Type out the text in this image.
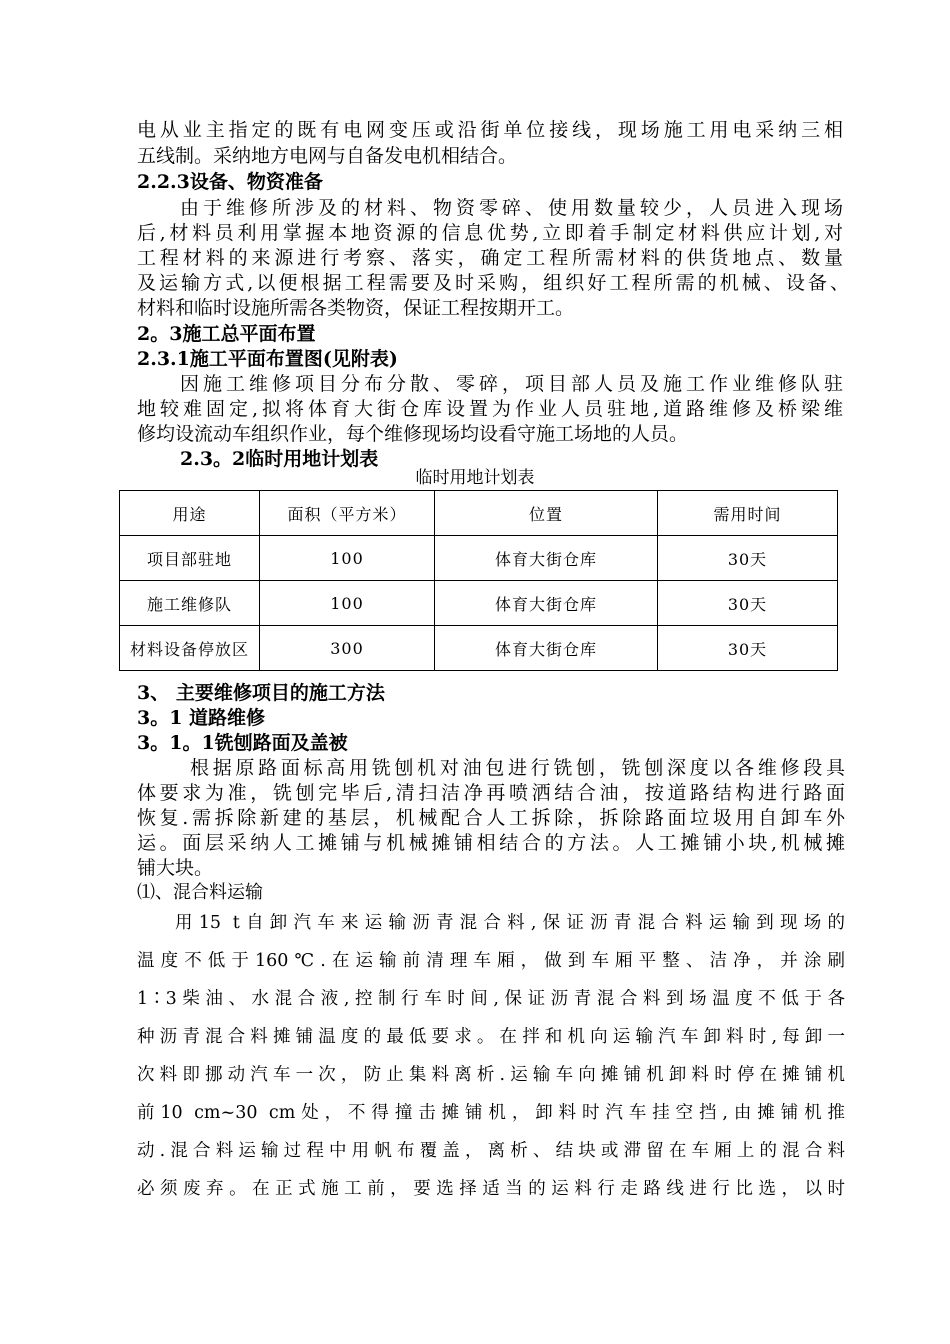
电从业主指定的既有电网变压或沿街单位接线，现场施工用电采纳三相
五线制。采纳地方电网与自备发电机相结合。
2.2.3设备、物资准备
由于维修所涉及的材料、物资零碎、使用数量较少，人员进入现场
后,材料员利用掌握本地资源的信息优势,立即着手制定材料供应计划,对
工程材料的来源进行考察、落实，确定工程所需材料的供货地点、数量
及运输方式,以便根据工程需要及时采购，组织好工程所需的机械、设备、
材料和临时设施所需各类物资，保证工程按期开工。
2。3施工总平面布置
2.3.1施工平面布置图(见附表)
因施工维修项目分布分散、零碎，项目部人员及施工作业维修队驻
地较难固定,拟将体育大街仓库设置为作业人员驻地,道路维修及桥梁维
修均设流动车组织作业，每个维修现场均设看守施工场地的人员。
2.3。2临时用地计划表
临时用地计划表
用途	面积（平方米）	位置	需用时间
项目部驻地	100	体育大街仓库	30天
施工维修队	100	体育大街仓库	30天
材料设备停放区	300	体育大街仓库	30天
3、 主要维修项目的施工方法
3。1 道路维修
3。1。1铣刨路面及盖被
根据原路面标高用铣刨机对油包进行铣刨，铣刨深度以各维修段具
体要求为准，铣刨完毕后,清扫洁净再喷洒结合油，按道路结构进行路面
恢复.需拆除新建的基层，机械配合人工拆除，拆除路面垃圾用自卸车外
运。面层采纳人工摊铺与机械摊铺相结合的方法。人工摊铺小块,机械摊
铺大块。
⑴、混合料运输
用15 t自卸汽车来运输沥青混合料,保证沥青混合料运输到现场的
温度不低于160℃.在运输前清理车厢，做到车厢平整、洁净，并涂刷
1∶3柴油、水混合液,控制行车时间,保证沥青混合料到场温度不低于各
种沥青混合料摊铺温度的最低要求。在拌和机向运输汽车卸料时,每卸一
次料即挪动汽车一次，防止集料离析.运输车向摊铺机卸料时停在摊铺机
前10 cm~30 cm处，不得撞击摊铺机，卸料时汽车挂空挡,由摊铺机推
动.混合料运输过程中用帆布覆盖，离析、结块或滞留在车厢上的混合料
必须废弃。在正式施工前，要选择适当的运料行走路线进行比选，以时
